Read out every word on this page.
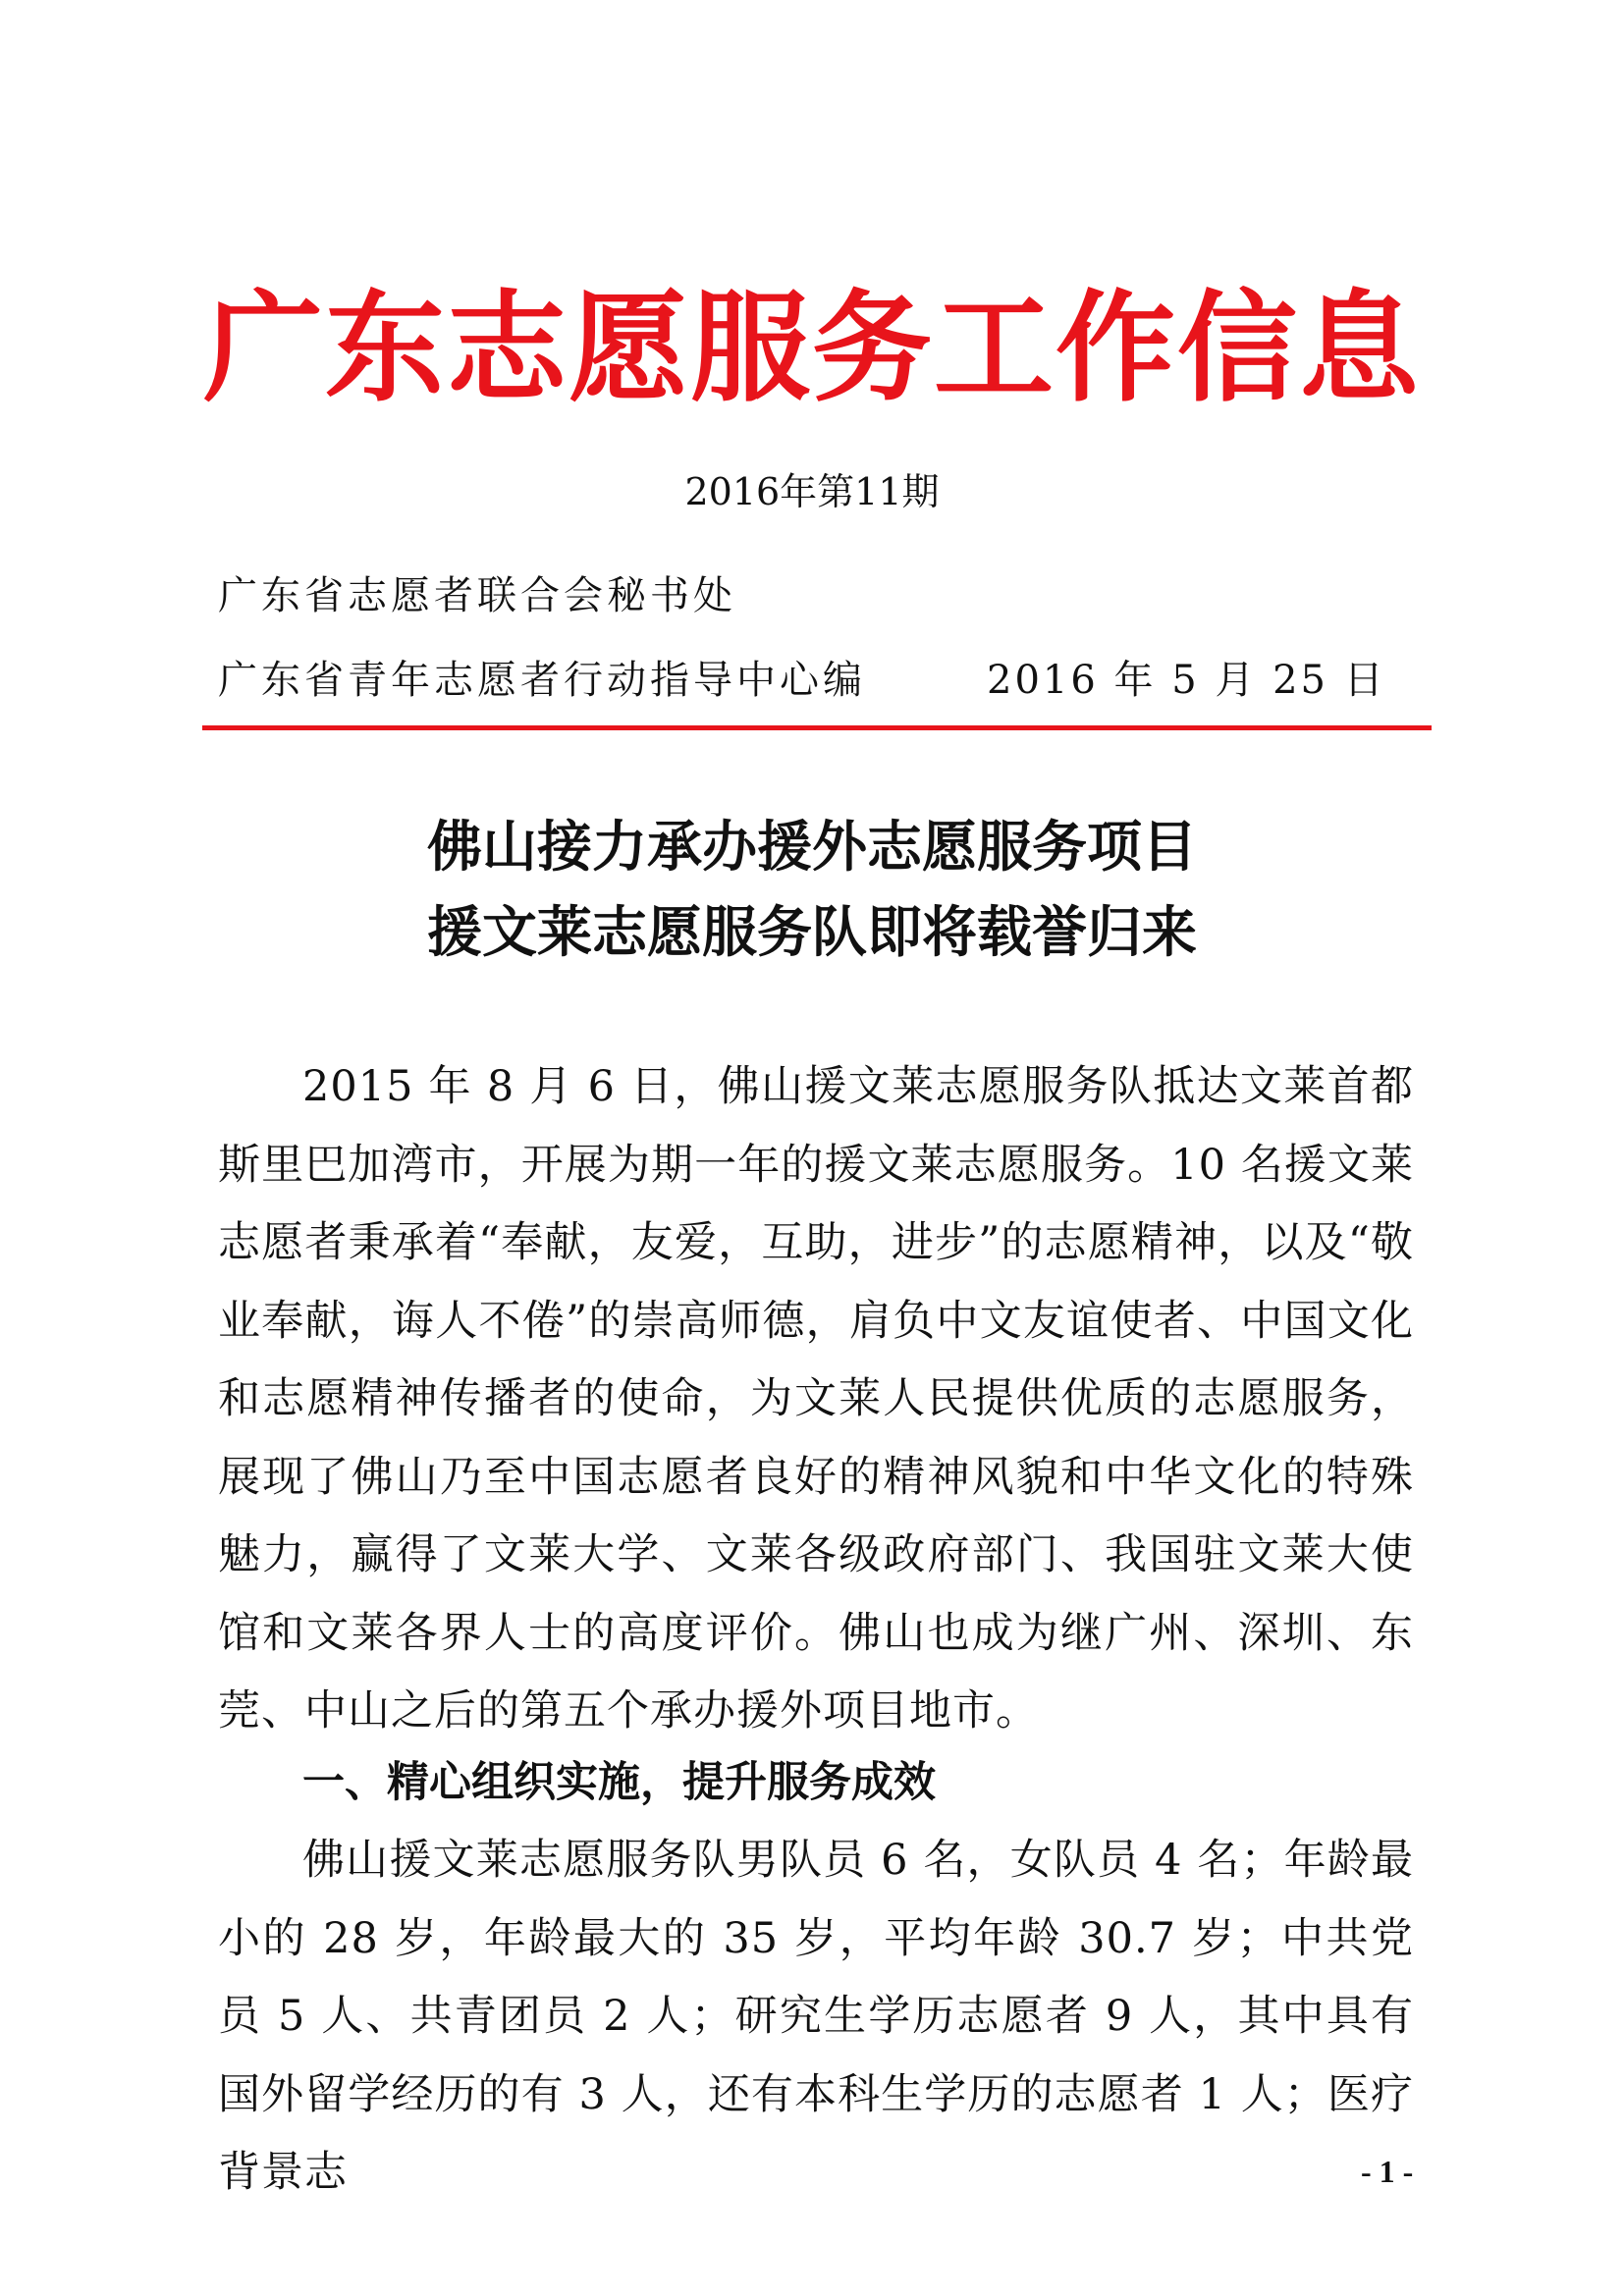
广东志愿服务工作信息
2016年第11期
广东省志愿者联合会秘书处
广东省青年志愿者行动指导中心编	2016 年 5 月 25 日
佛山接力承办援外志愿服务项目
援文莱志愿服务队即将载誉归来

2015 年 8 月 6 日，佛山援文莱志愿服务队抵达文莱首都斯里巴加湾市，开展为期一年的援文莱志愿服务。10 名援文莱志愿者秉承着“奉献，友爱，互助，进步”的志愿精神，以及“敬业奉献，诲人不倦”的崇高师德，肩负中文友谊使者、中国文化和志愿精神传播者的使命，为文莱人民提供优质的志愿服务，展现了佛山乃至中国志愿者良好的精神风貌和中华文化的特殊魅力，赢得了文莱大学、文莱各级政府部门、我国驻文莱大使馆和文莱各界人士的高度评价。佛山也成为继广州、深圳、东莞、中山之后的第五个承办援外项目地市。

一、精心组织实施，提升服务成效

佛山援文莱志愿服务队男队员 6 名，女队员 4 名；年龄最小的 28 岁，年龄最大的 35 岁，平均年龄 30.7 岁；中共党员 5 人、共青团员 2 人；研究生学历志愿者 9 人，其中具有国外留学经历的有 3 人，还有本科生学历的志愿者 1 人；医疗背景志	- 1 -
